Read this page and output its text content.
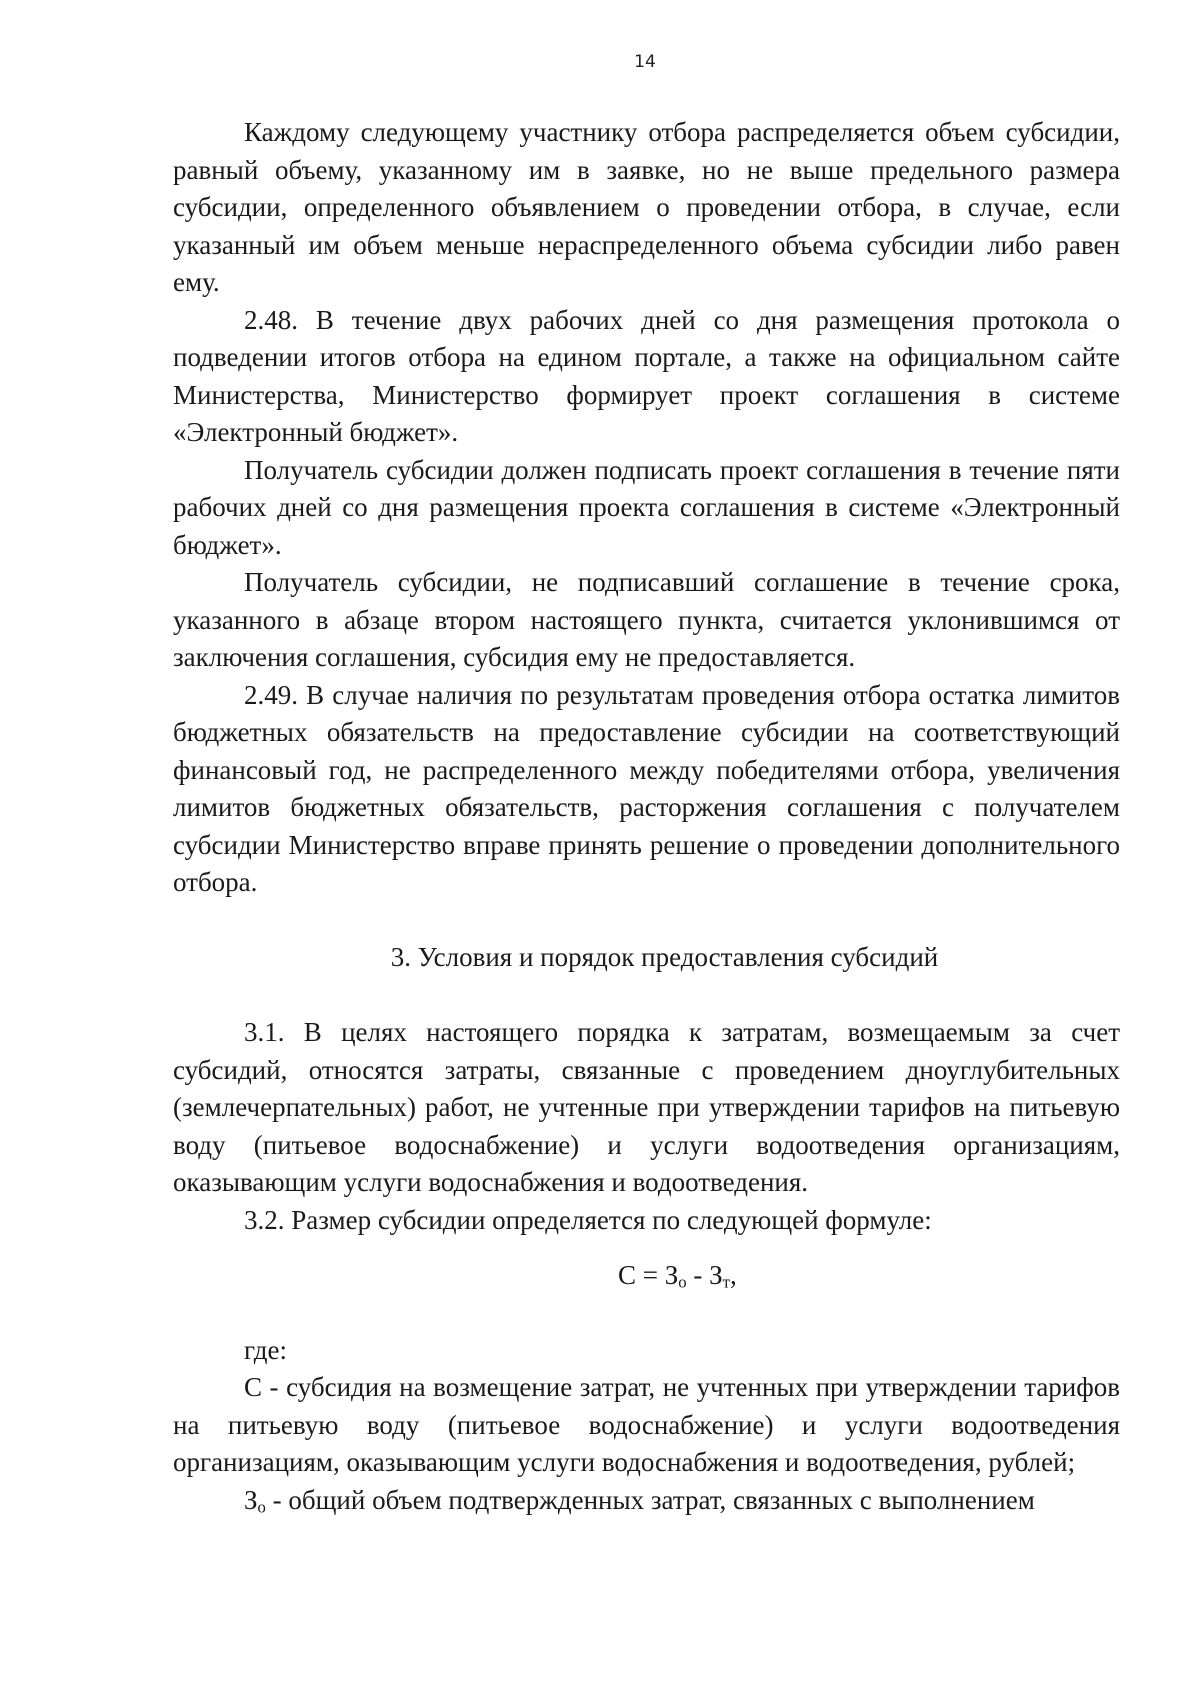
14

Каждому следующему участнику отбора распределяется объем субсидии, равный объему, указанному им в заявке, но не выше предельного размера субсидии, определенного объявлением о проведении отбора, в случае, если указанный им объем меньше нераспределенного объема субсидии либо равен ему.

2.48. В течение двух рабочих дней со дня размещения протокола о подведении итогов отбора на едином портале, а также на официальном сайте Министерства, Министерство формирует проект соглашения в системе «Электронный бюджет».

Получатель субсидии должен подписать проект соглашения в течение пяти рабочих дней со дня размещения проекта соглашения в системе «Электронный бюджет».

Получатель субсидии, не подписавший соглашение в течение срока, указанного в абзаце втором настоящего пункта, считается уклонившимся от заключения соглашения, субсидия ему не предоставляется.

2.49. В случае наличия по результатам проведения отбора остатка лимитов бюджетных обязательств на предоставление субсидии на соответствующий финансовый год, не распределенного между победителями отбора, увеличения лимитов бюджетных обязательств, расторжения соглашения с получателем субсидии Министерство вправе принять решение о проведении дополнительного отбора.

3. Условия и порядок предоставления субсидий

3.1. В целях настоящего порядка к затратам, возмещаемым за счет субсидий, относятся затраты, связанные с проведением дноуглубительных (землечерпательных) работ, не учтенные при утверждении тарифов на питьевую воду (питьевое водоснабжение) и услуги водоотведения организациям, оказывающим услуги водоснабжения и водоотведения.

3.2. Размер субсидии определяется по следующей формуле:

$С = З_о - З_т$,

где:

С - субсидия на возмещение затрат, не учтенных при утверждении тарифов на питьевую воду (питьевое водоснабжение) и услуги водоотведения организациям, оказывающим услуги водоснабжения и водоотведения, рублей;

$З_о$ - общий объем подтвержденных затрат, связанных с выполнением
